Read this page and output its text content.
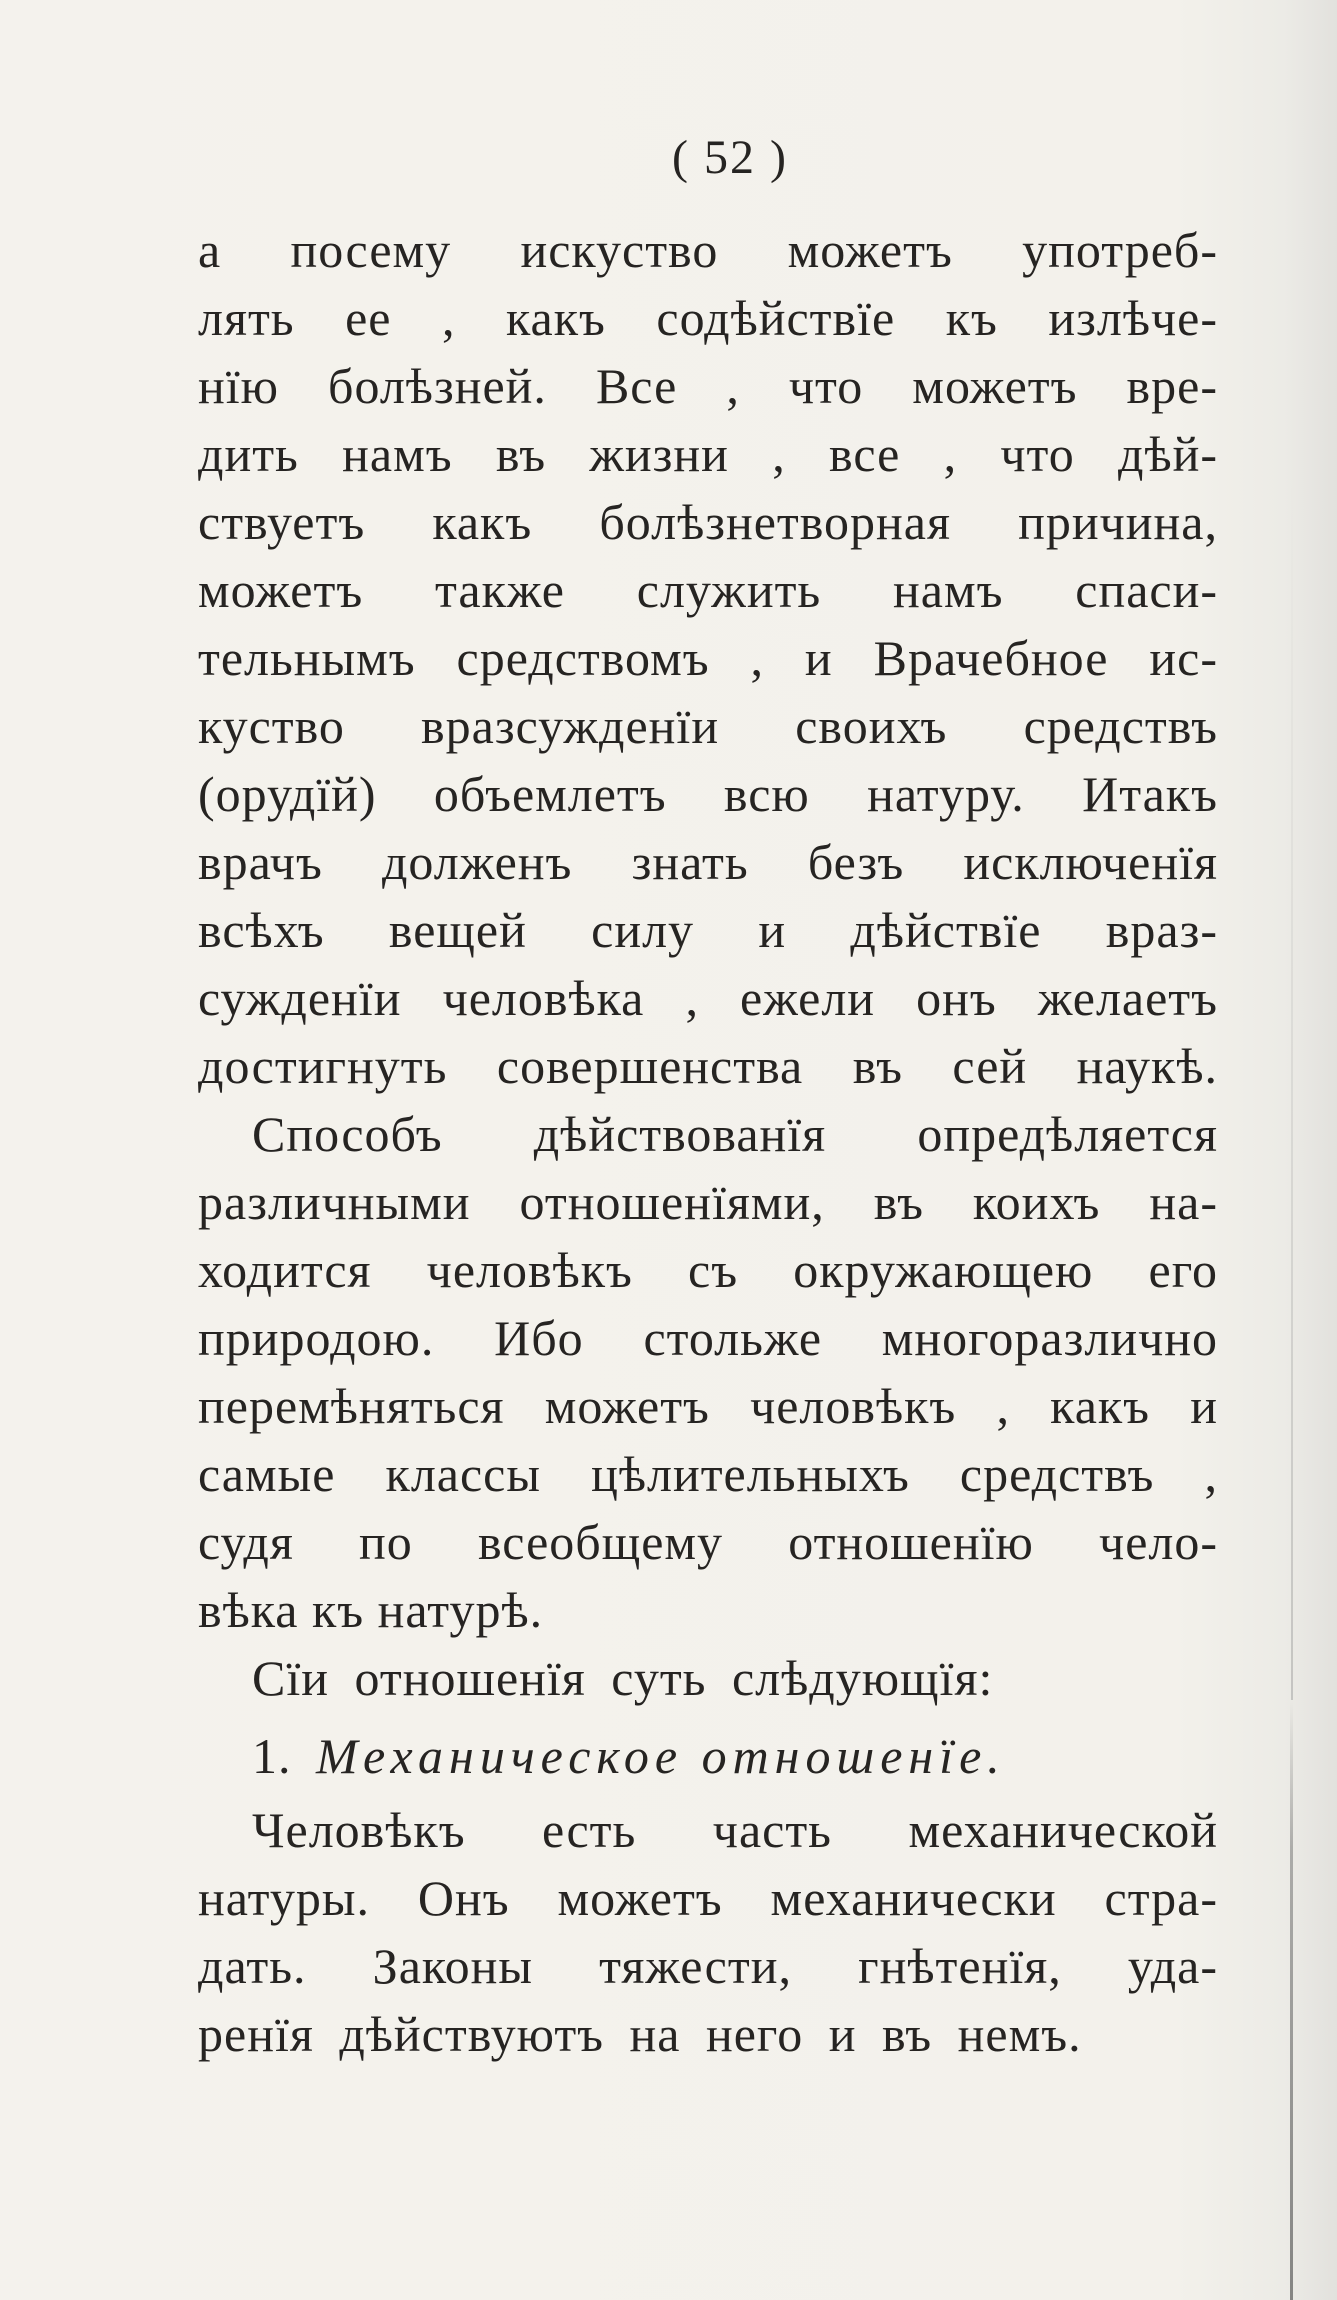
( 52 )
а посему искуство можетъ употреб-
лять ее , какъ содѣйствїе къ излѣче-
нїю болѣзней. Все , что можетъ вре-
дить намъ въ жизни , все , что дѣй-
ствуетъ какъ болѣзнетворная причина,
можетъ также служить намъ спаси-
тельнымъ средствомъ , и Врачебное ис-
куство вразсужденїи своихъ средствъ
(орудїй) объемлетъ всю натуру. Итакъ
врачъ долженъ знать безъ исключенїя
всѣхъ вещей силу и дѣйствїе враз-
сужденїи человѣка , ежели онъ желаетъ
достигнуть совершенства въ сей наукѣ.
Способъ дѣйствованїя опредѣляется
различными отношенїями, въ коихъ на-
ходится человѣкъ съ окружающею его
природою. Ибо стольже многоразлично
перемѣняться можетъ человѣкъ , какъ и
самые классы цѣлительныхъ средствъ ,
судя по всеобщему отношенїю чело-
вѣка къ натурѣ.
Сїи отношенїя суть слѣдующїя:
1. Механическое отношенїе.
Человѣкъ есть часть механической
натуры. Онъ можетъ механически стра-
дать. Законы тяжести, гнѣтенїя, уда-
ренїя дѣйствуютъ на него и въ немъ.
